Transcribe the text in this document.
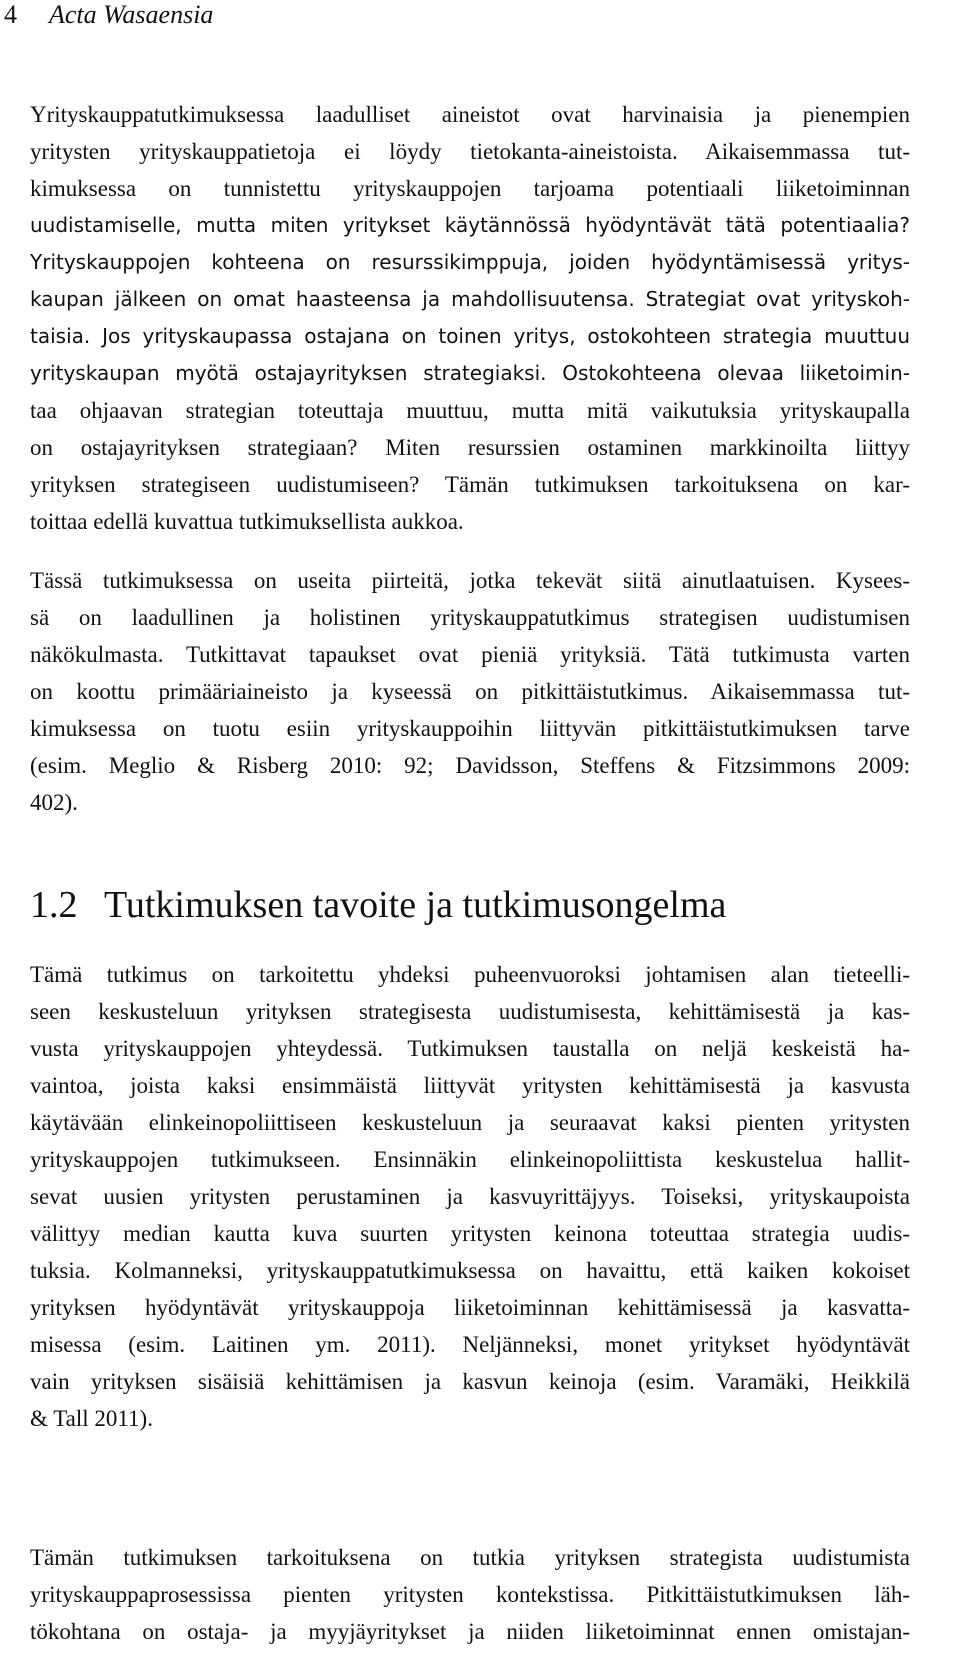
4 Acta Wasaensia
Yrityskauppatutkimuksessa laadulliset aineistot ovat harvinaisia ja pienempien
yritysten yrityskauppatietoja ei löydy tietokanta-aineistoista. Aikaisemmassa tut-
kimuksessa on tunnistettu yrityskauppojen tarjoama potentiaali liiketoiminnan
uudistamiselle, mutta miten yritykset käytännössä hyödyntävät tätä potentiaalia?
Yrityskauppojen kohteena on resurssikimppuja, joiden hyödyntämisessä yritys-
kaupan jälkeen on omat haasteensa ja mahdollisuutensa. Strategiat ovat yrityskoh-
taisia. Jos yrityskaupassa ostajana on toinen yritys, ostokohteen strategia muuttuu
yrityskaupan myötä ostajayrityksen strategiaksi. Ostokohteena olevaa liiketoimin-
taa ohjaavan strategian toteuttaja muuttuu, mutta mitä vaikutuksia yrityskaupalla
on ostajayrityksen strategiaan? Miten resurssien ostaminen markkinoilta liittyy
yrityksen strategiseen uudistumiseen? Tämän tutkimuksen tarkoituksena on kar-
toittaa edellä kuvattua tutkimuksellista aukkoa.
Tässä tutkimuksessa on useita piirteitä, jotka tekevät siitä ainutlaatuisen. Kysees-
sä on laadullinen ja holistinen yrityskauppatutkimus strategisen uudistumisen
näkökulmasta. Tutkittavat tapaukset ovat pieniä yrityksiä. Tätä tutkimusta varten
on koottu primääriaineisto ja kyseessä on pitkittäistutkimus. Aikaisemmassa tut-
kimuksessa on tuotu esiin yrityskauppoihin liittyvän pitkittäistutkimuksen tarve
(esim. Meglio & Risberg 2010: 92; Davidsson, Steffens & Fitzsimmons 2009:
402).
1.2 Tutkimuksen tavoite ja tutkimusongelma
Tämä tutkimus on tarkoitettu yhdeksi puheenvuoroksi johtamisen alan tieteelli-
seen keskusteluun yrityksen strategisesta uudistumisesta, kehittämisestä ja kas-
vusta yrityskauppojen yhteydessä. Tutkimuksen taustalla on neljä keskeistä ha-
vaintoa, joista kaksi ensimmäistä liittyvät yritysten kehittämisestä ja kasvusta
käytävään elinkeinopoliittiseen keskusteluun ja seuraavat kaksi pienten yritysten
yrityskauppojen tutkimukseen. Ensinnäkin elinkeinopoliittista keskustelua hallit-
sevat uusien yritysten perustaminen ja kasvuyrittäjyys. Toiseksi, yrityskaupoista
välittyy median kautta kuva suurten yritysten keinona toteuttaa strategia uudis-
tuksia. Kolmanneksi, yrityskauppatutkimuksessa on havaittu, että kaiken kokoiset
yrityksen hyödyntävät yrityskauppoja liiketoiminnan kehittämisessä ja kasvatta-
misessa (esim. Laitinen ym. 2011). Neljänneksi, monet yritykset hyödyntävät
vain yrityksen sisäisiä kehittämisen ja kasvun keinoja (esim. Varamäki, Heikkilä
& Tall 2011).
Tämän tutkimuksen tarkoituksena on tutkia yrityksen strategista uudistumista
yrityskauppaprosessissa pienten yritysten kontekstissa. Pitkittäistutkimuksen läh-
tökohtana on ostaja- ja myyjäyritykset ja niiden liiketoiminnat ennen omistajan-
